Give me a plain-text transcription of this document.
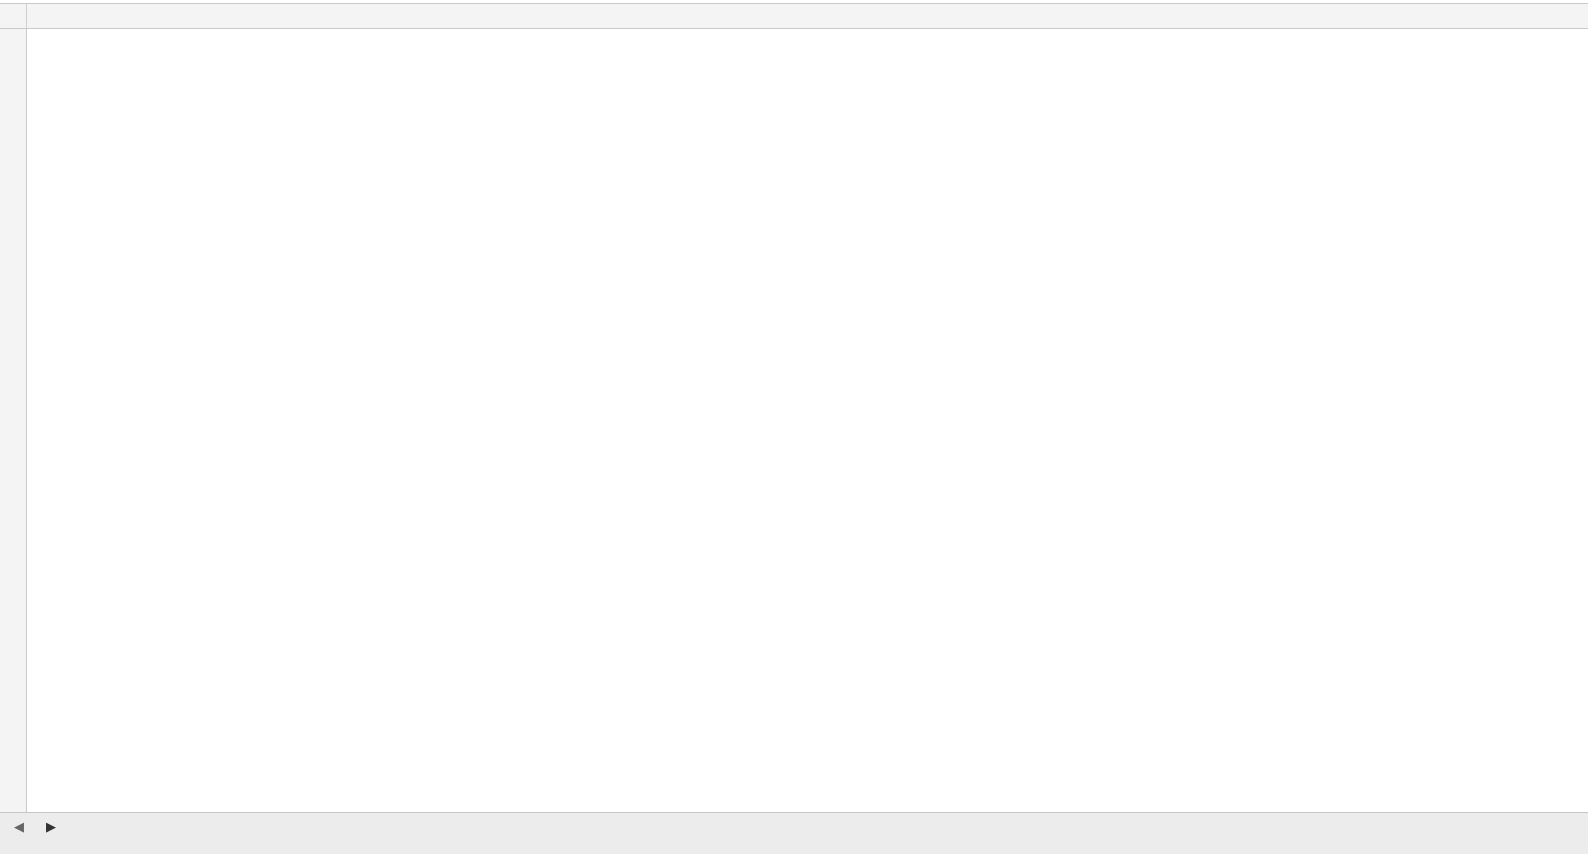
◀	▶
